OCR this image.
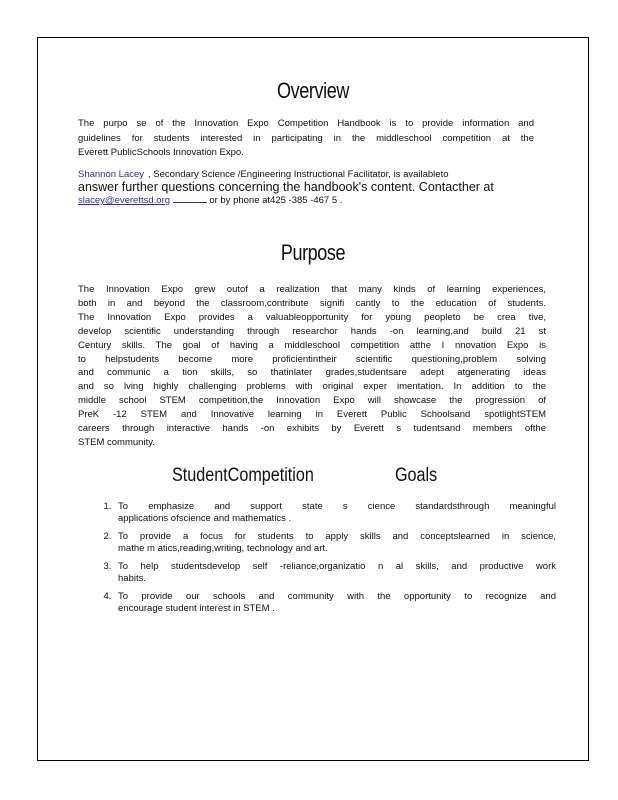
Overview
The purpo se of the Innovation Expo Competition Handbook is to provide information and
guidelines for students interested in participating in the middleschool competition at the
Everett PublicSchools Innovation Expo.
Shannon Lacey , Secondary Science /Engineering Instructional Facilitator, is availableto
answer further questions concerning the handbook's content. Contacther at
slacey@everettsd.org	or by phone at425 -385 -467 5 .
Purpose
The Innovation Expo grew outof a realization that many kinds of learning experiences,
both in and beyond the classroom,contribute signifi cantly to the education of students.
The Innovation Expo provides a valuableopportunity for young peopleto be crea tive,
develop scientific understanding through researchor hands -on learning,and build 21 st
Century skills. The goal of having a middleschool competition atthe I nnovation Expo is
to helpstudents become more proficientintheir scientific questioning,problem solving
and communic a tion skills, so thatinlater grades,studentsare adept atgenerating ideas
and so lving highly challenging problems with original exper imentation. In addition to the
middle school STEM competition,the Innovation Expo will showcase the progression of
PreK -12 STEM and Innovative learning in Everett Public Schoolsand spotlightSTEM
careers through interactive hands -on exhibits by Everett s tudentsand members ofthe
STEM community.
StudentCompetition	Goals
1. To emphasize and support state s cience standardsthrough meaningful
applications ofscience and mathematics .
2. To provide a focus for students to apply skills and conceptslearned in science,
mathe m atics,reading,writing, technology and art.
3. To help studentsdevelop self -reliance,organizatio n al skills, and productive work
habits.
4. To provide our schools and community with the opportunity to recognize and
encourage student interest in STEM .
